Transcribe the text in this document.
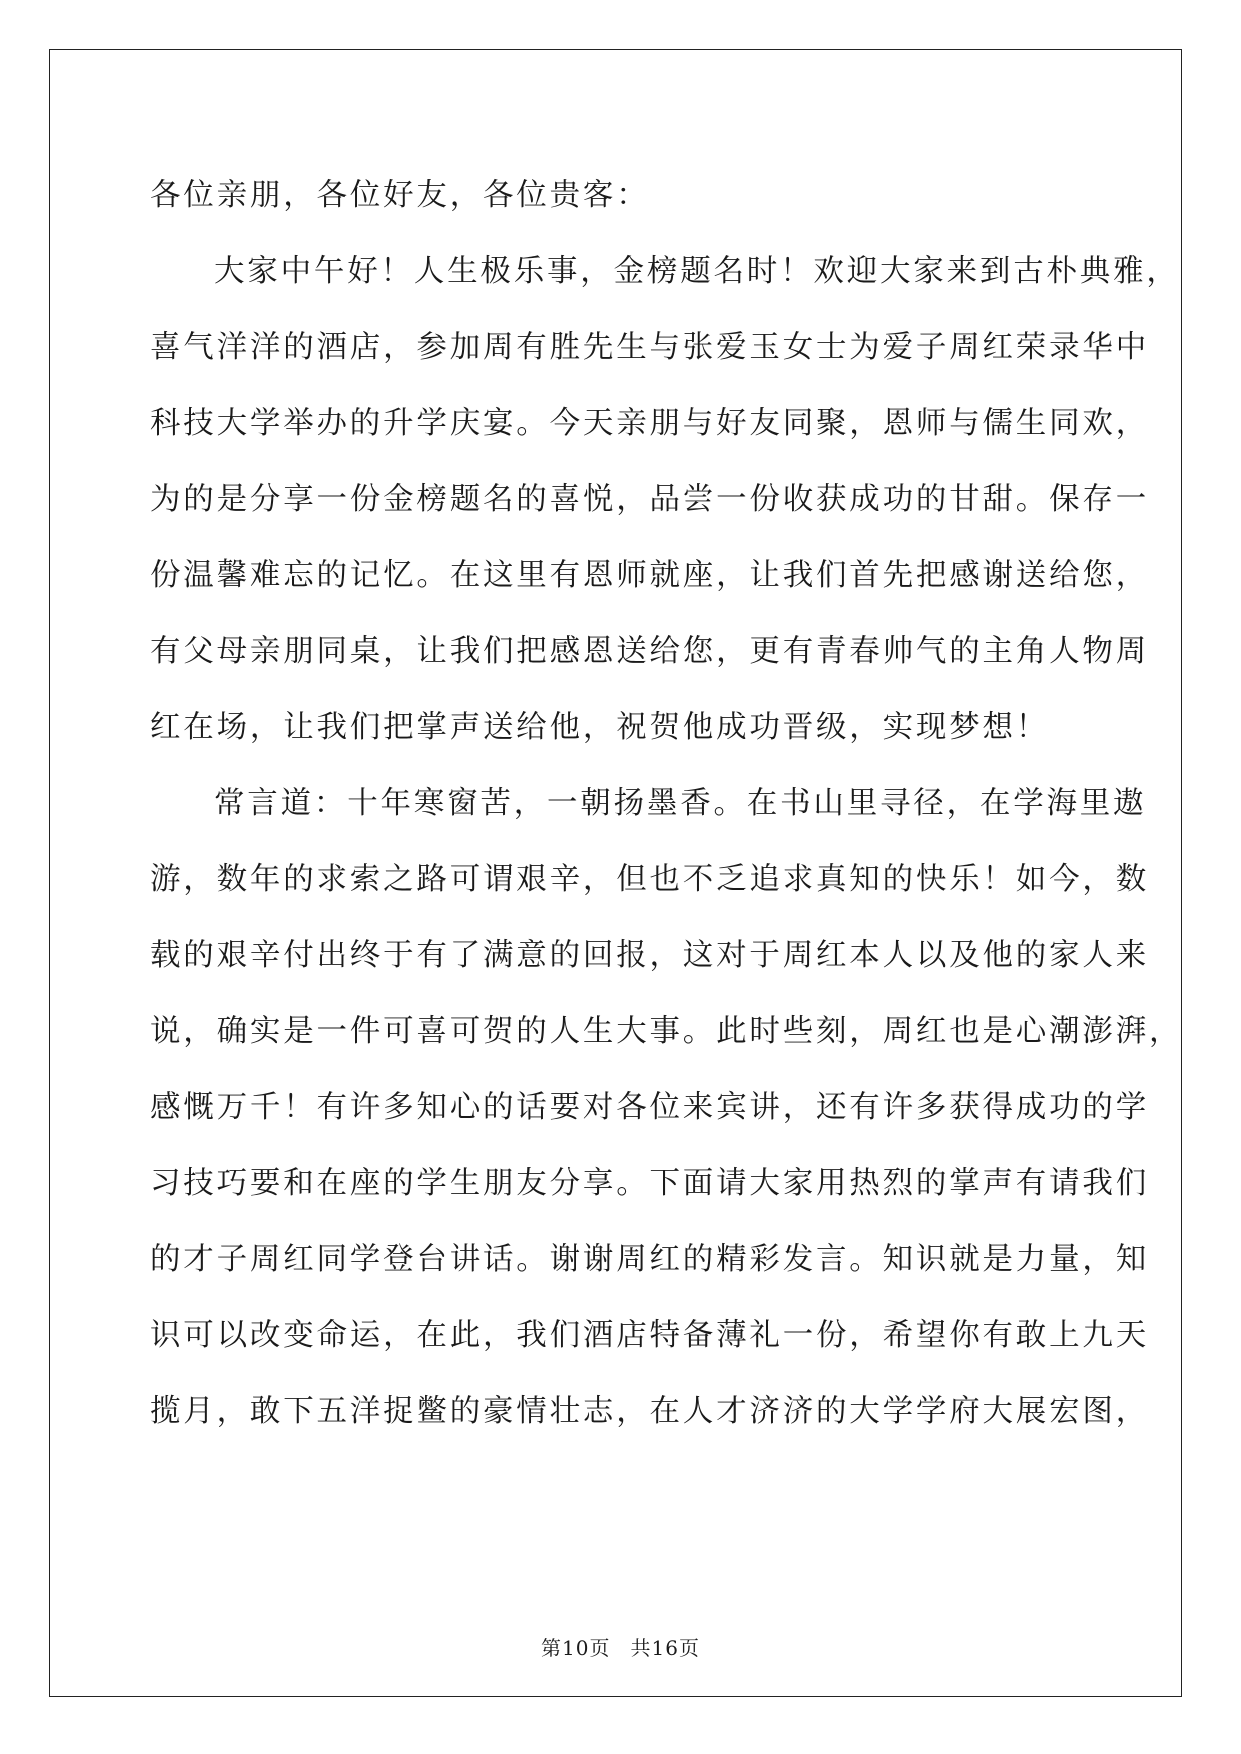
各位亲朋，各位好友，各位贵客：
大家中午好！人生极乐事，金榜题名时！欢迎大家来到古朴典雅，
喜气洋洋的酒店，参加周有胜先生与张爱玉女士为爱子周红荣录华中
科技大学举办的升学庆宴。今天亲朋与好友同聚，恩师与儒生同欢，
为的是分享一份金榜题名的喜悦，品尝一份收获成功的甘甜。保存一
份温馨难忘的记忆。在这里有恩师就座，让我们首先把感谢送给您，
有父母亲朋同桌，让我们把感恩送给您，更有青春帅气的主角人物周
红在场，让我们把掌声送给他，祝贺他成功晋级，实现梦想！
常言道：十年寒窗苦，一朝扬墨香。在书山里寻径，在学海里遨
游，数年的求索之路可谓艰辛，但也不乏追求真知的快乐！如今，数
载的艰辛付出终于有了满意的回报，这对于周红本人以及他的家人来
说，确实是一件可喜可贺的人生大事。此时些刻，周红也是心潮澎湃，
感慨万千！有许多知心的话要对各位来宾讲，还有许多获得成功的学
习技巧要和在座的学生朋友分享。下面请大家用热烈的掌声有请我们
的才子周红同学登台讲话。谢谢周红的精彩发言。知识就是力量，知
识可以改变命运，在此，我们酒店特备薄礼一份，希望你有敢上九天
揽月，敢下五洋捉鳖的豪情壮志，在人才济济的大学学府大展宏图，
第10页 共16页
